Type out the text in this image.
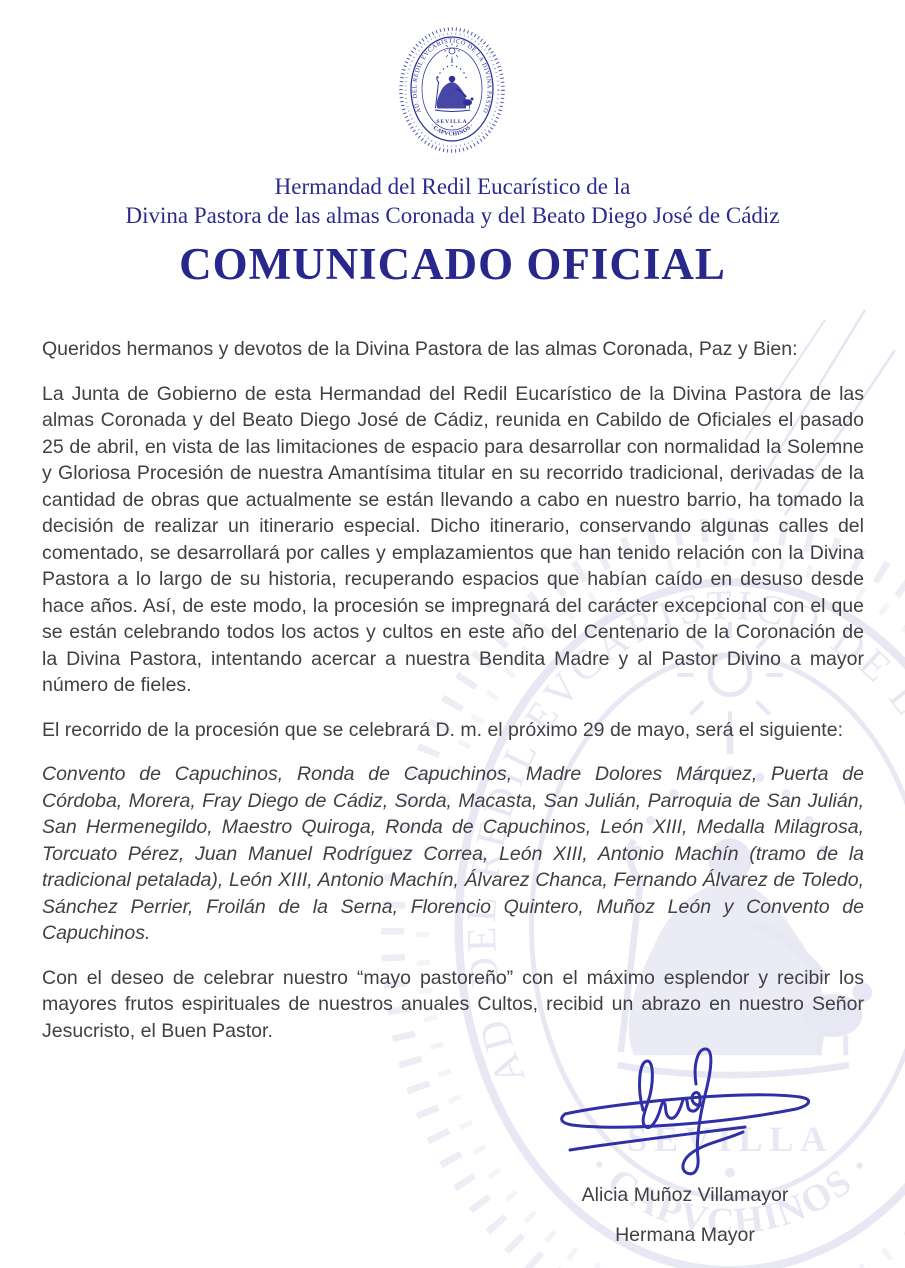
Hermandad del Redil Eucarístico de la
Divina Pastora de las almas Coronada y del Beato Diego José de Cádiz
COMUNICADO OFICIAL

Queridos hermanos y devotos de la Divina Pastora de las almas Coronada, Paz y Bien:

La Junta de Gobierno de esta Hermandad del Redil Eucarístico de la Divina Pastora de las almas Coronada y del Beato Diego José de Cádiz, reunida en Cabildo de Oficiales el pasado 25 de abril, en vista de las limitaciones de espacio para desarrollar con normalidad la Solemne y Gloriosa Procesión de nuestra Amantísima titular en su recorrido tradicional, derivadas de la cantidad de obras que actualmente se están llevando a cabo en nuestro barrio, ha tomado la decisión de realizar un itinerario especial. Dicho itinerario, conservando algunas calles del comentado, se desarrollará por calles y emplazamientos que han tenido relación con la Divina Pastora a lo largo de su historia, recuperando espacios que habían caído en desuso desde hace años. Así, de este modo, la procesión se impregnará del carácter excepcional con el que se están celebrando todos los actos y cultos en este año del Centenario de la Coronación de la Divina Pastora, intentando acercar a nuestra Bendita Madre y al Pastor Divino a mayor número de fieles.

El recorrido de la procesión que se celebrará D. m. el próximo 29 de mayo, será el siguiente:

Convento de Capuchinos, Ronda de Capuchinos, Madre Dolores Márquez, Puerta de Córdoba, Morera, Fray Diego de Cádiz, Sorda, Macasta, San Julián, Parroquia de San Julián, San Hermenegildo, Maestro Quiroga, Ronda de Capuchinos, León XIII, Medalla Milagrosa, Torcuato Pérez, Juan Manuel Rodríguez Correa, León XIII, Antonio Machín (tramo de la tradicional petalada), León XIII, Antonio Machín, Álvarez Chanca, Fernando Álvarez de Toledo, Sánchez Perrier, Froilán de la Serna, Florencio Quintero, Muñoz León y Convento de Capuchinos.

Con el deseo de celebrar nuestro “mayo pastoreño” con el máximo esplendor y recibir los mayores frutos espirituales de nuestros anuales Cultos, recibid un abrazo en nuestro Señor Jesucristo, el Buen Pastor.

Alicia Muñoz Villamayor
Hermana Mayor
